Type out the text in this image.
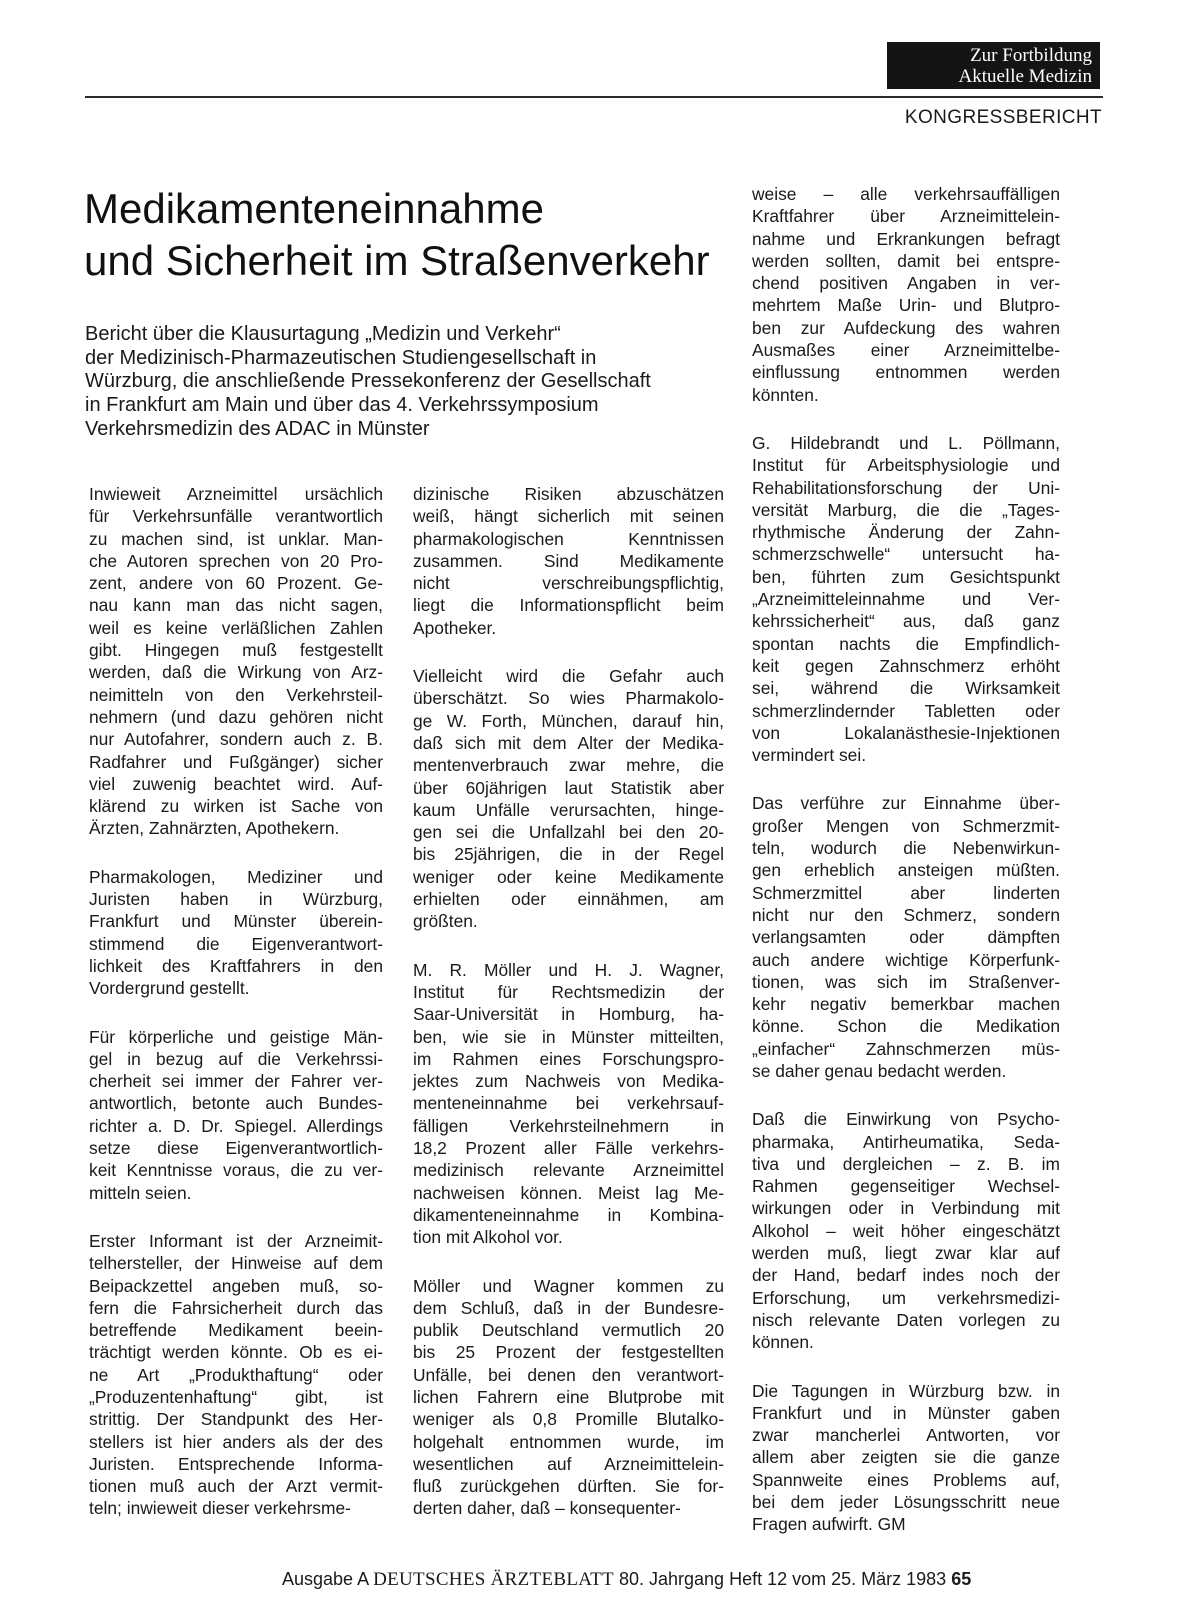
Zur Fortbildung
Aktuelle Medizin
KONGRESSBERICHT
Medikamenteneinnahme
und Sicherheit im Straßenverkehr
Bericht über die Klausurtagung „Medizin und Verkehr“
der Medizinisch-Pharmazeutischen Studiengesellschaft in
Würzburg, die anschließende Pressekonferenz der Gesellschaft
in Frankfurt am Main und über das 4. Verkehrssymposium
Verkehrsmedizin des ADAC in Münster

Inwieweit Arzneimittel ursächlich
für Verkehrsunfälle verantwortlich
zu machen sind, ist unklar. Man-
che Autoren sprechen von 20 Pro-
zent, andere von 60 Prozent. Ge-
nau kann man das nicht sagen,
weil es keine verläßlichen Zahlen
gibt. Hingegen muß festgestellt
werden, daß die Wirkung von Arz-
neimitteln von den Verkehrsteil-
nehmern (und dazu gehören nicht
nur Autofahrer, sondern auch z. B.
Radfahrer und Fußgänger) sicher
viel zuwenig beachtet wird. Auf-
klärend zu wirken ist Sache von
Ärzten, Zahnärzten, Apothekern.

Pharmakologen, Mediziner und
Juristen haben in Würzburg,
Frankfurt und Münster überein-
stimmend die Eigenverantwort-
lichkeit des Kraftfahrers in den
Vordergrund gestellt.

Für körperliche und geistige Män-
gel in bezug auf die Verkehrssi-
cherheit sei immer der Fahrer ver-
antwortlich, betonte auch Bundes-
richter a. D. Dr. Spiegel. Allerdings
setze diese Eigenverantwortlich-
keit Kenntnisse voraus, die zu ver-
mitteln seien.

Erster Informant ist der Arzneimit-
telhersteller, der Hinweise auf dem
Beipackzettel angeben muß, so-
fern die Fahrsicherheit durch das
betreffende Medikament beein-
trächtigt werden könnte. Ob es ei-
ne Art „Produkthaftung“ oder
„Produzentenhaftung“ gibt, ist
strittig. Der Standpunkt des Her-
stellers ist hier anders als der des
Juristen. Entsprechende Informa-
tionen muß auch der Arzt vermit-
teln; inwieweit dieser verkehrsme-

dizinische Risiken abzuschätzen
weiß, hängt sicherlich mit seinen
pharmakologischen Kenntnissen
zusammen. Sind Medikamente
nicht verschreibungspflichtig,
liegt die Informationspflicht beim
Apotheker.

Vielleicht wird die Gefahr auch
überschätzt. So wies Pharmakolo-
ge W. Forth, München, darauf hin,
daß sich mit dem Alter der Medika-
mentenverbrauch zwar mehre, die
über 60jährigen laut Statistik aber
kaum Unfälle verursachten, hinge-
gen sei die Unfallzahl bei den 20-
bis 25jährigen, die in der Regel
weniger oder keine Medikamente
erhielten oder einnähmen, am
größten.

M. R. Möller und H. J. Wagner,
Institut für Rechtsmedizin der
Saar-Universität in Homburg, ha-
ben, wie sie in Münster mitteilten,
im Rahmen eines Forschungspro-
jektes zum Nachweis von Medika-
menteneinnahme bei verkehrsauf-
fälligen Verkehrsteilnehmern in
18,2 Prozent aller Fälle verkehrs-
medizinisch relevante Arzneimittel
nachweisen können. Meist lag Me-
dikamenteneinnahme in Kombina-
tion mit Alkohol vor.

Möller und Wagner kommen zu
dem Schluß, daß in der Bundesre-
publik Deutschland vermutlich 20
bis 25 Prozent der festgestellten
Unfälle, bei denen den verantwort-
lichen Fahrern eine Blutprobe mit
weniger als 0,8 Promille Blutalko-
holgehalt entnommen wurde, im
wesentlichen auf Arzneimittelein-
fluß zurückgehen dürften. Sie for-
derten daher, daß – konsequenter-

weise – alle verkehrsauffälligen
Kraftfahrer über Arzneimittelein-
nahme und Erkrankungen befragt
werden sollten, damit bei entspre-
chend positiven Angaben in ver-
mehrtem Maße Urin- und Blutpro-
ben zur Aufdeckung des wahren
Ausmaßes einer Arzneimittelbe-
einflussung entnommen werden
könnten.

G. Hildebrandt und L. Pöllmann,
Institut für Arbeitsphysiologie und
Rehabilitationsforschung der Uni-
versität Marburg, die die „Tages-
rhythmische Änderung der Zahn-
schmerzschwelle“ untersucht ha-
ben, führten zum Gesichtspunkt
„Arzneimitteleinnahme und Ver-
kehrssicherheit“ aus, daß ganz
spontan nachts die Empfindlich-
keit gegen Zahnschmerz erhöht
sei, während die Wirksamkeit
schmerzlindernder Tabletten oder
von Lokalanästhesie-Injektionen
vermindert sei.

Das verführe zur Einnahme über-
großer Mengen von Schmerzmit-
teln, wodurch die Nebenwirkun-
gen erheblich ansteigen müßten.
Schmerzmittel aber linderten
nicht nur den Schmerz, sondern
verlangsamten oder dämpften
auch andere wichtige Körperfunk-
tionen, was sich im Straßenver-
kehr negativ bemerkbar machen
könne. Schon die Medikation
„einfacher“ Zahnschmerzen müs-
se daher genau bedacht werden.

Daß die Einwirkung von Psycho-
pharmaka, Antirheumatika, Seda-
tiva und dergleichen – z. B. im
Rahmen gegenseitiger Wechsel-
wirkungen oder in Verbindung mit
Alkohol – weit höher eingeschätzt
werden muß, liegt zwar klar auf
der Hand, bedarf indes noch der
Erforschung, um verkehrsmedizi-
nisch relevante Daten vorlegen zu
können.

Die Tagungen in Würzburg bzw. in
Frankfurt und in Münster gaben
zwar mancherlei Antworten, vor
allem aber zeigten sie die ganze
Spannweite eines Problems auf,
bei dem jeder Lösungsschritt neue
Fragen aufwirft. GM

Ausgabe A DEUTSCHES ÄRZTEBLATT 80. Jahrgang Heft 12 vom 25. März 1983 65
